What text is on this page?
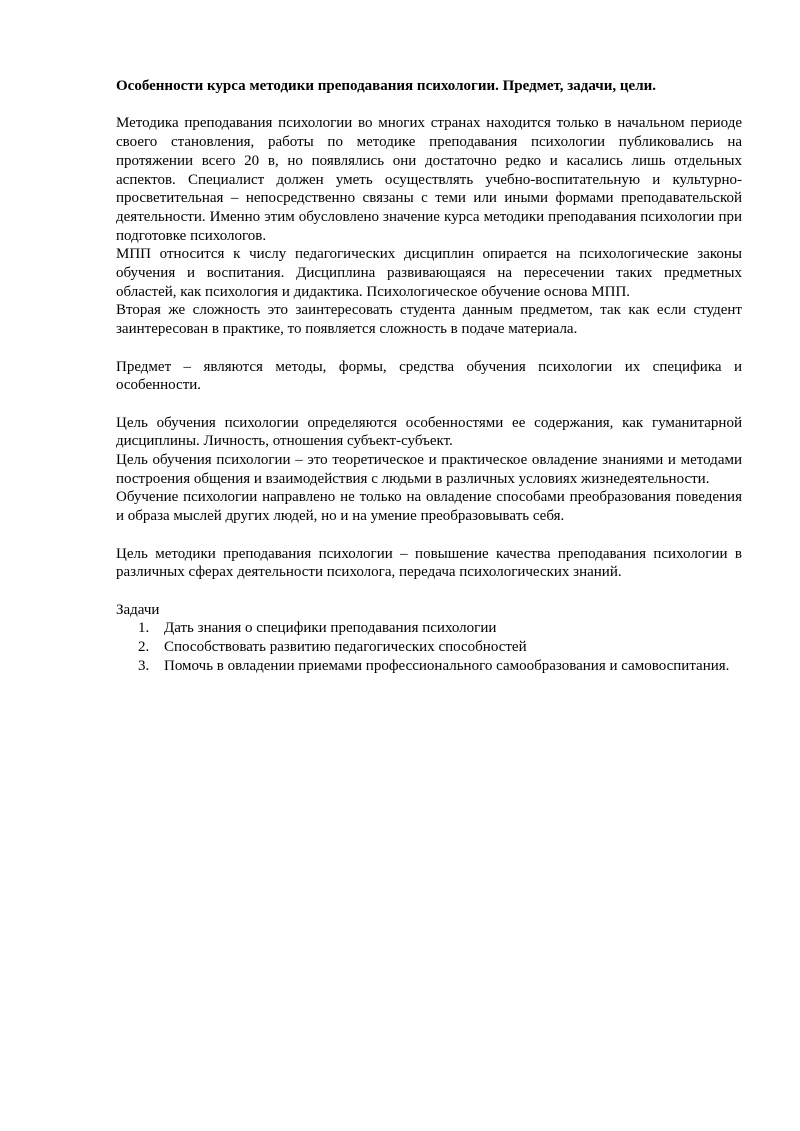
Особенности курса методики преподавания психологии. Предмет, задачи, цели.

Методика преподавания психологии во многих странах находится только в начальном периоде своего становления, работы по методике преподавания психологии публиковались на протяжении всего 20 в, но появлялись они достаточно редко и касались лишь отдельных аспектов. Специалист должен уметь осуществлять учебно-воспитательную и культурно-просветительная – непосредственно связаны с теми или иными формами преподавательской деятельности. Именно этим обусловлено значение курса методики преподавания психологии при подготовке психологов.

МПП относится к числу педагогических дисциплин опирается на психологические законы обучения и воспитания. Дисциплина развивающаяся на пересечении таких предметных областей, как психология и дидактика. Психологическое обучение основа МПП.

Вторая же сложность это заинтересовать студента данным предметом, так как если студент заинтересован в практике, то появляется сложность в подаче материала.

Предмет – являются методы, формы, средства обучения психологии их специфика и особенности.

Цель обучения психологии определяются особенностями ее содержания, как гуманитарной дисциплины. Личность, отношения субъект-субъект.

Цель обучения психологии – это теоретическое и практическое овладение знаниями и методами построения общения и взаимодействия с людьми в различных условиях жизнедеятельности.

Обучение психологии направлено не только на овладение способами преобразования поведения и образа мыслей других людей, но и на умение преобразовывать себя.

Цель методики преподавания психологии – повышение качества преподавания психологии в различных сферах деятельности психолога, передача психологических знаний.

Задачи

1. Дать знания о специфики преподавания психологии
2. Способствовать развитию педагогических способностей
3. Помочь в овладении приемами профессионального самообразования и самовоспитания.
